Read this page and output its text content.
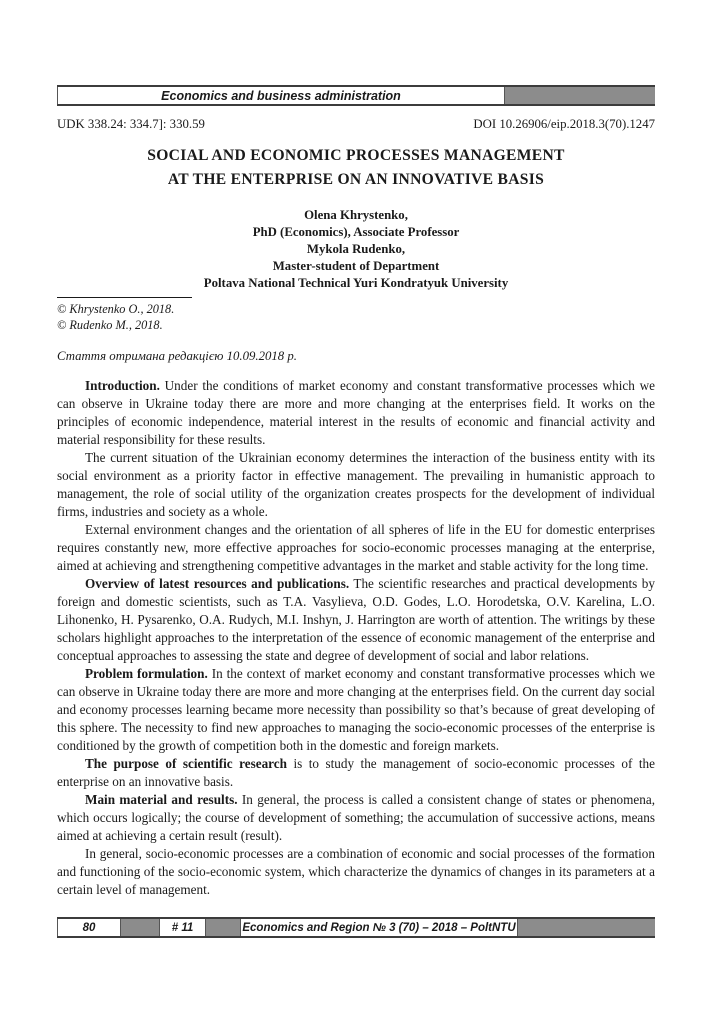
Economics and business administration
UDK 338.24: 334.7]: 330.59	DOI 10.26906/eip.2018.3(70).1247
SOCIAL AND ECONOMIC PROCESSES MANAGEMENT
AT THE ENTERPRISE ON AN INNOVATIVE BASIS
Olena Khrystenko,
PhD (Economics), Associate Professor
Mykola Rudenko,
Master-student of Department
Poltava National Technical Yuri Kondratyuk University
© Khrystenko O., 2018.
© Rudenko M., 2018.
Стаття отримана редакцією 10.09.2018 р.

Introduction. Under the conditions of market economy and constant transformative processes which we can observe in Ukraine today there are more and more changing at the enterprises field. It works on the principles of economic independence, material interest in the results of economic and financial activity and material responsibility for these results.

The current situation of the Ukrainian economy determines the interaction of the business entity with its social environment as a priority factor in effective management. The prevailing in humanistic approach to management, the role of social utility of the organization creates prospects for the development of individual firms, industries and society as a whole.

External environment changes and the orientation of all spheres of life in the EU for domestic enterprises requires constantly new, more effective approaches for socio-economic processes managing at the enterprise, aimed at achieving and strengthening competitive advantages in the market and stable activity for the long time.

Overview of latest resources and publications. The scientific researches and practical developments by foreign and domestic scientists, such as T.A. Vasylieva, O.D. Godes, L.O. Horodetska, O.V. Karelina, L.O. Lihonenko, H. Pysarenko, O.A. Rudych, M.I. Inshyn, J. Harrington are worth of attention. The writings by these scholars highlight approaches to the interpretation of the essence of economic management of the enterprise and conceptual approaches to assessing the state and degree of development of social and labor relations.

Problem formulation. In the context of market economy and constant transformative processes which we can observe in Ukraine today there are more and more changing at the enterprises field. On the current day social and economy processes learning became more necessity than possibility so that’s because of great developing of this sphere. The necessity to find new approaches to managing the socio-economic processes of the enterprise is conditioned by the growth of competition both in the domestic and foreign markets.

The purpose of scientific research is to study the management of socio-economic processes of the enterprise on an innovative basis.

Main material and results. In general, the process is called a consistent change of states or phenomena, which occurs logically; the course of development of something; the accumulation of successive actions, means aimed at achieving a certain result (result).

In general, socio-economic processes are a combination of economic and social processes of the formation and functioning of the socio-economic system, which characterize the dynamics of changes in its parameters at a certain level of management.

80	# 11	Economics and Region № 3 (70) – 2018 – PoltNTU
